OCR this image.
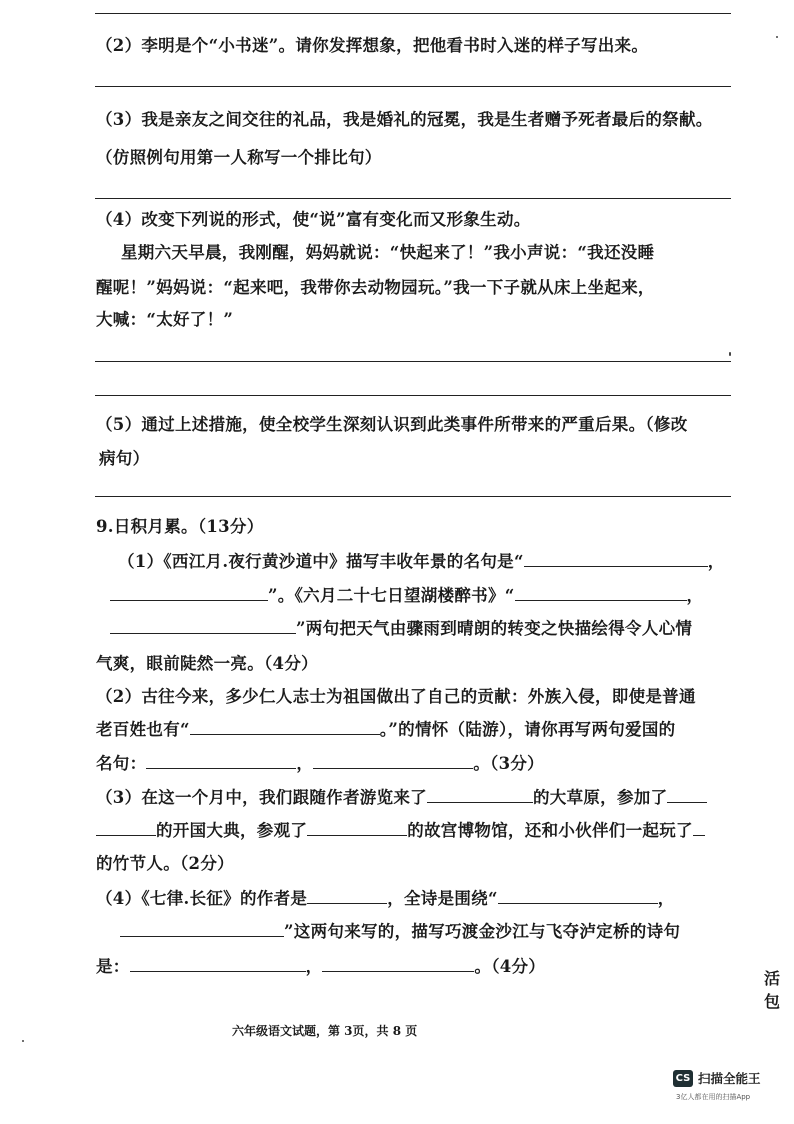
（2）李明是个“小书迷”。请你发挥想象，把他看书时入迷的样子写出来。
（3）我是亲友之间交往的礼品，我是婚礼的冠冕，我是生者赠予死者最后的祭献。
（仿照例句用第一人称写一个排比句）
（4）改变下列说的形式，使“说”富有变化而又形象生动。
星期六天早晨，我刚醒，妈妈就说：“快起来了！”我小声说：“我还没睡
醒呢！”妈妈说：“起来吧，我带你去动物园玩。”我一下子就从床上坐起来，
大喊：“太好了！”
（5）通过上述措施，使全校学生深刻认识到此类事件所带来的严重后果。（修改
病句）
9.日积月累。（13分）
（1）《西江月.夜行黄沙道中》描写丰收年景的名句是“	，
”。《六月二十七日望湖楼醉书》“	，
”两句把天气由骤雨到晴朗的转变之快描绘得令人心情
气爽，眼前陡然一亮。（4分）
（2）古往今来，多少仁人志士为祖国做出了自己的贡献：外族入侵，即使是普通
老百姓也有“	。”的情怀（陆游），请你再写两句爱国的
名句：	，	。（3分）
（3）在这一个月中，我们跟随作者游览来了	的大草原，参加了
的开国大典，参观了	的故宫博物馆，还和小伙伴们一起玩了
的竹节人。（2分）
（4）《七律.长征》的作者是	，全诗是围绕“	，
”这两句来写的，描写巧渡金沙江与飞夺泸定桥的诗句
是：	，	。（4分）
活包
六年级语文试题，第 3页，共 8 页
CS 扫描全能王
3亿人都在用的扫描App
